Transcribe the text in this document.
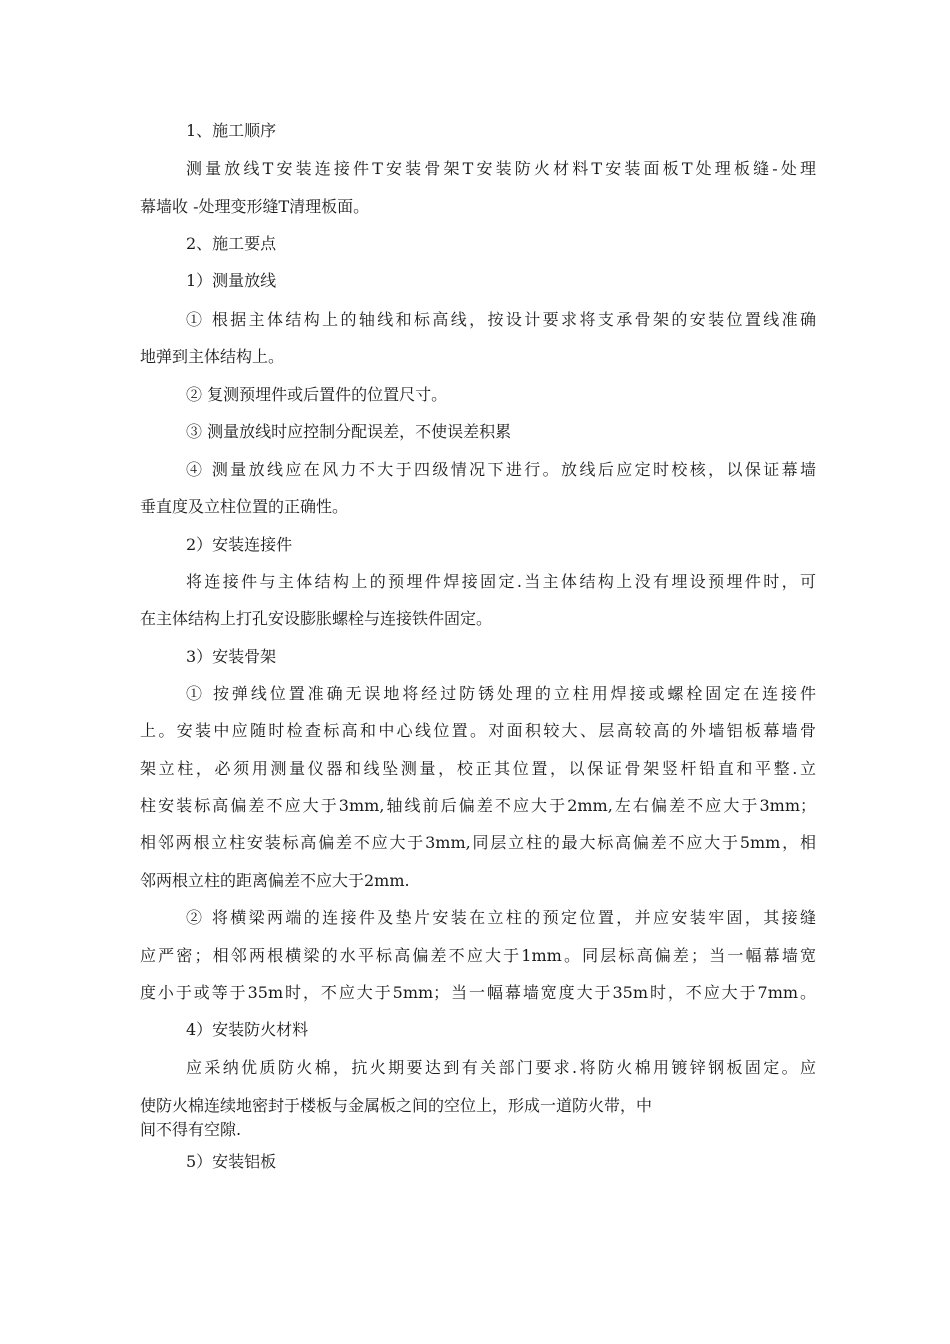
1、施工顺序
测量放线T安装连接件T安装骨架T安装防火材料T安装面板T处理板缝-处理
幕墙收 -处理变形缝T清理板面。
2、施工要点
1）测量放线
① 根据主体结构上的轴线和标高线，按设计要求将支承骨架的安装位置线准确
地弹到主体结构上。
② 复测预埋件或后置件的位置尺寸。
③ 测量放线时应控制分配误差，不使误差积累
④ 测量放线应在风力不大于四级情况下进行。放线后应定时校核，以保证幕墙
垂直度及立柱位置的正确性。
2）安装连接件
将连接件与主体结构上的预埋件焊接固定.当主体结构上没有埋设预埋件时，可
在主体结构上打孔安设膨胀螺栓与连接铁件固定。
3）安装骨架
① 按弹线位置准确无误地将经过防锈处理的立柱用焊接或螺栓固定在连接件
上。安装中应随时检查标高和中心线位置。对面积较大、层高较高的外墙铝板幕墙骨
架立柱，必须用测量仪器和线坠测量，校正其位置，以保证骨架竖杆铅直和平整.立
柱安装标高偏差不应大于3mm,轴线前后偏差不应大于2mm,左右偏差不应大于3mm；
相邻两根立柱安装标高偏差不应大于3mm,同层立柱的最大标高偏差不应大于5mm，相
邻两根立柱的距离偏差不应大于2mm.
② 将横梁两端的连接件及垫片安装在立柱的预定位置，并应安装牢固，其接缝
应严密；相邻两根横梁的水平标高偏差不应大于1mm。同层标高偏差；当一幅幕墙宽
度小于或等于35m时，不应大于5mm；当一幅幕墙宽度大于35m时，不应大于7mm。
4）安装防火材料
应采纳优质防火棉，抗火期要达到有关部门要求.将防火棉用镀锌钢板固定。应
使防火棉连续地密封于楼板与金属板之间的空位上，形成一道防火带，中
间不得有空隙.
5）安装铝板
